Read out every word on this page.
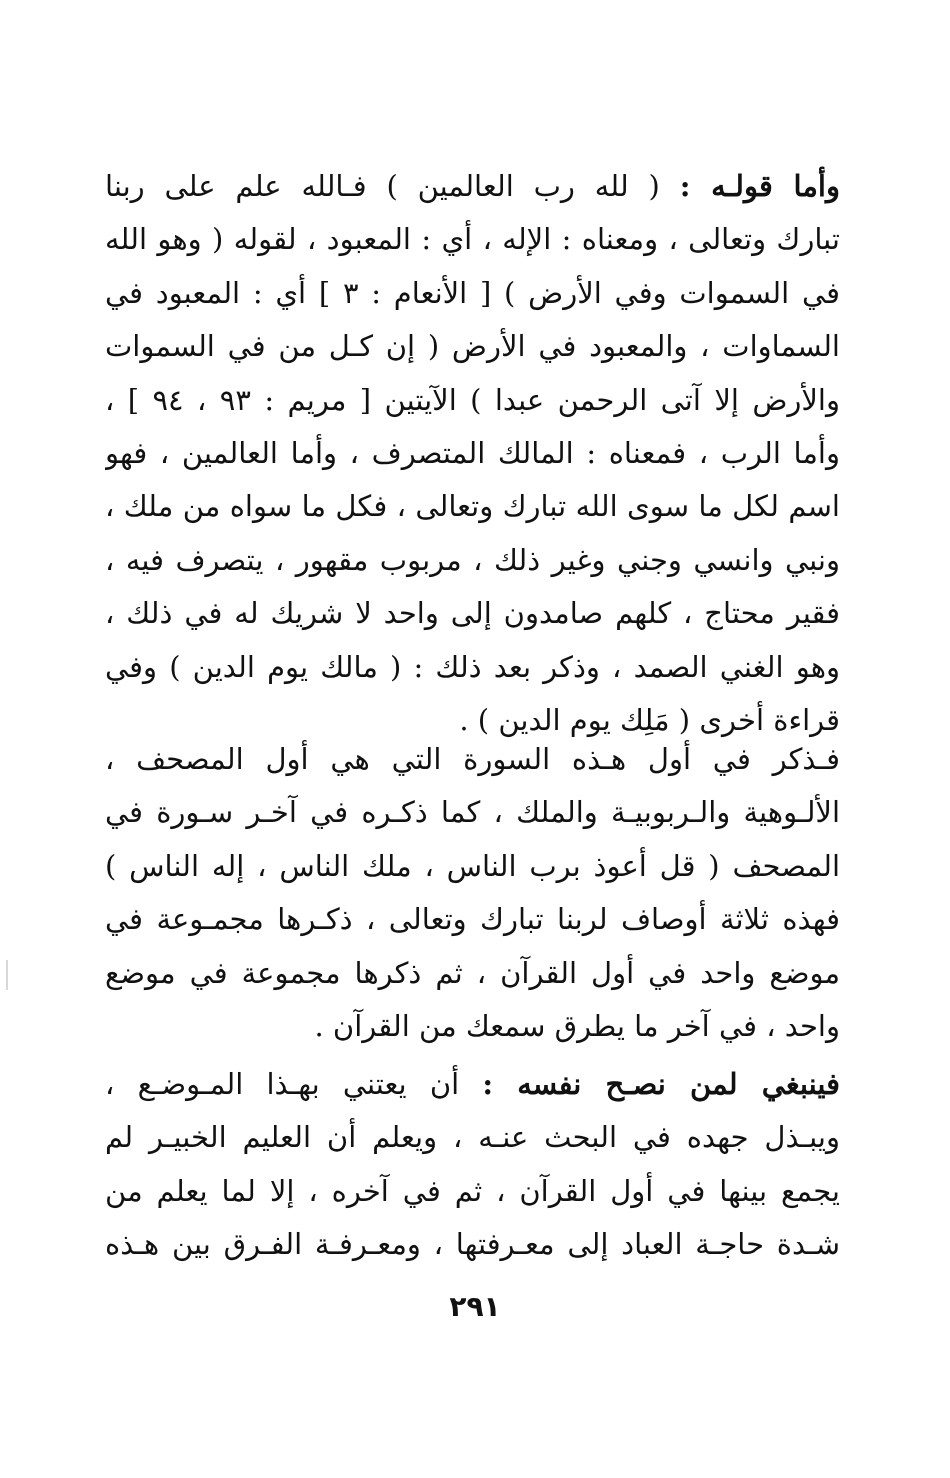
وأما قولـه : ( لله رب العالمين ) فـالله علم على ربنا
تبارك وتعالى ، ومعناه : الإله ، أي : المعبود ، لقوله ( وهو الله
في السموات وفي الأرض ) [ الأنعام : ٣ ] أي : المعبود في
السماوات ، والمعبود في الأرض ( إن كـل من في السموات
والأرض إلا آتى الرحمن عبدا ) الآيتين [ مريم : ٩٣ ، ٩٤ ] ،
وأما الرب ، فمعناه : المالك المتصرف ، وأما العالمين ، فهو
اسم لكل ما سوى الله تبارك وتعالى ، فكل ما سواه من ملك ،
ونبي وانسي وجني وغير ذلك ، مربوب مقهور ، يتصرف فيه ،
فقير محتاج ، كلهم صامدون إلى واحد لا شريك له في ذلك ،
وهو الغني الصمد ، وذكر بعد ذلك : ( مالك يوم الدين ) وفي
قراءة أخرى ( مَلِك يوم الدين ) .
فـذكر في أول هـذه السورة التي هي أول المصحف ،
الألـوهية والـربوبيـة والملك ، كما ذكـره في آخـر سـورة في
المصحف ( قل أعوذ برب الناس ، ملك الناس ، إله الناس )
فهذه ثلاثة أوصاف لربنا تبارك وتعالى ، ذكـرها مجمـوعة في
موضع واحد في أول القرآن ، ثم ذكرها مجموعة في موضع
واحد ، في آخر ما يطرق سمعك من القرآن .
فينبغي لمن نصـح نفسه : أن يعتني بهـذا المـوضـع ،
ويبـذل جهده في البحث عنـه ، ويعلم أن العليم الخبيـر لم
يجمع بينها في أول القرآن ، ثم في آخره ، إلا لما يعلم من
شـدة حاجـة العباد إلى معـرفتها ، ومعـرفـة الفـرق بين هـذه
٢٩١
